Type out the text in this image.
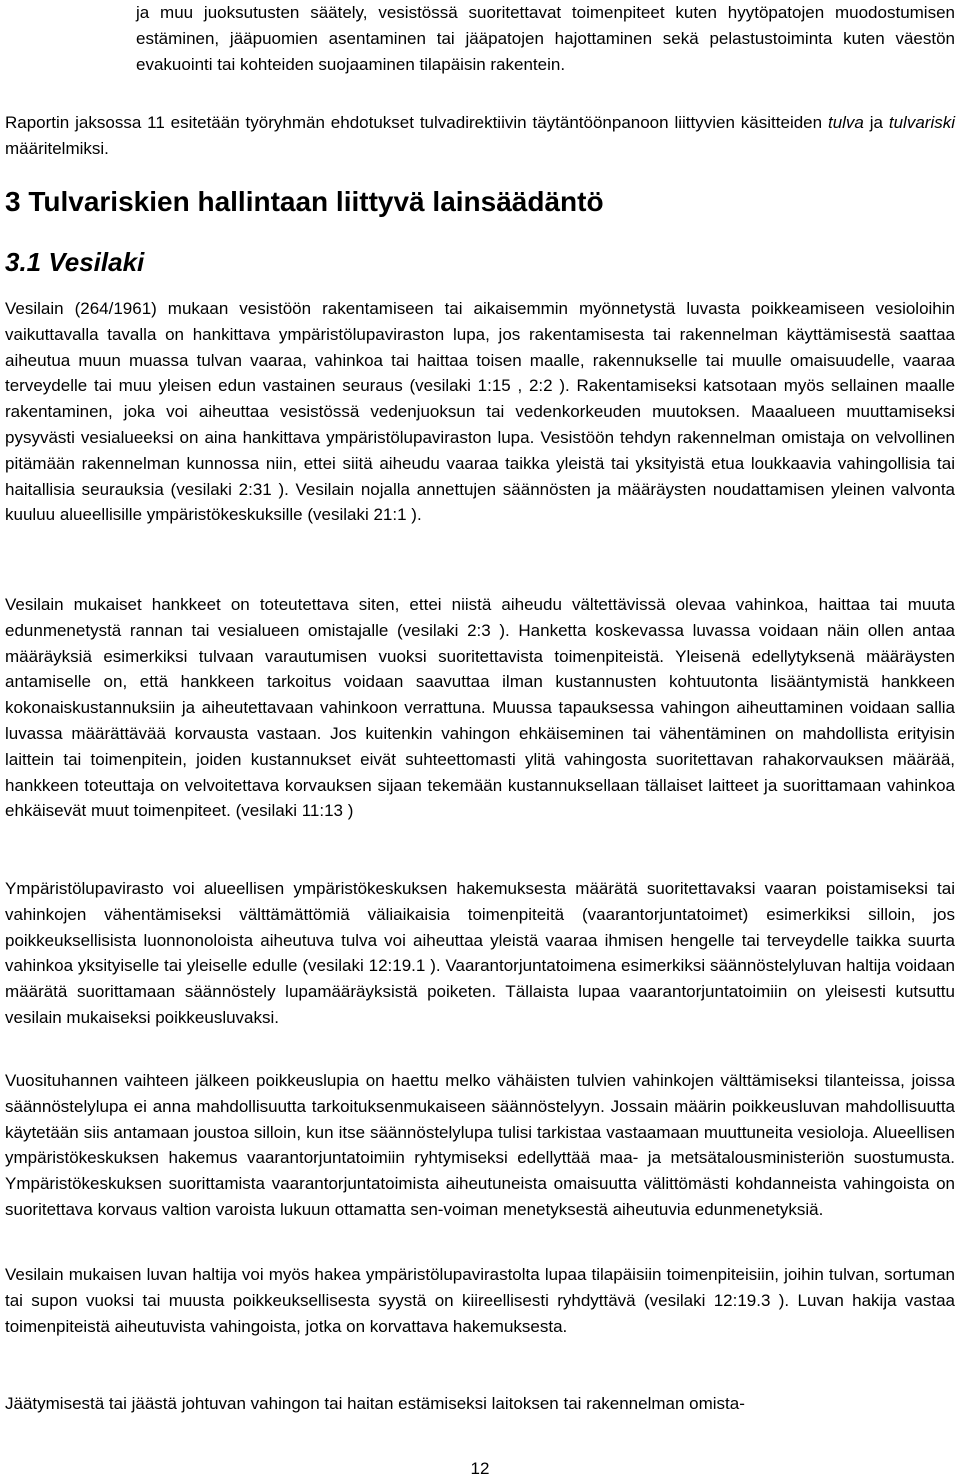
ja muu juoksutusten säätely, vesistössä suoritettavat toimenpiteet kuten hyytöpatojen muodostumisen estäminen, jääpuomien asentaminen tai jääpatojen hajottaminen sekä pelastustoiminta kuten väestön evakuointi tai kohteiden suojaaminen tilapäisin rakentein.

Raportin jaksossa 11 esitetään työryhmän ehdotukset tulvadirektiivin täytäntöönpanoon liittyvien käsitteiden tulva ja tulvariski määritelmiksi.

3 Tulvariskien hallintaan liittyvä lainsäädäntö
3.1 Vesilaki

Vesilain (264/1961) mukaan vesistöön rakentamiseen tai aikaisemmin myönnetystä luvasta poikkeamiseen vesioloihin vaikuttavalla tavalla on hankittava ympäristölupaviraston lupa, jos rakentamisesta tai rakennelman käyttämisestä saattaa aiheutua muun muassa tulvan vaaraa, vahinkoa tai haittaa toisen maalle, rakennukselle tai muulle omaisuudelle, vaaraa terveydelle tai muu yleisen edun vastainen seuraus (vesilaki 1:15 , 2:2 ). Rakentamiseksi katsotaan myös sellainen maalle rakentaminen, joka voi aiheuttaa vesistössä vedenjuoksun tai vedenkorkeuden muutoksen. Maaalueen muuttamiseksi pysyvästi vesialueeksi on aina hankittava ympäristölupaviraston lupa. Vesistöön tehdyn rakennelman omistaja on velvollinen pitämään rakennelman kunnossa niin, ettei siitä aiheudu vaaraa taikka yleistä tai yksityistä etua loukkaavia vahingollisia tai haitallisia seurauksia (vesilaki 2:31 ). Vesilain nojalla annettujen säännösten ja määräysten noudattamisen yleinen valvonta kuuluu alueellisille ympäristökeskuksille (vesilaki 21:1 ).

Vesilain mukaiset hankkeet on toteutettava siten, ettei niistä aiheudu vältettävissä olevaa vahinkoa, haittaa tai muuta edunmenetystä rannan tai vesialueen omistajalle (vesilaki 2:3 ). Hanketta koskevassa luvassa voidaan näin ollen antaa määräyksiä esimerkiksi tulvaan varautumisen vuoksi suoritettavista toimenpiteistä. Yleisenä edellytyksenä määräysten antamiselle on, että hankkeen tarkoitus voidaan saavuttaa ilman kustannusten kohtuutonta lisääntymistä hankkeen kokonaiskustannuksiin ja aiheutettavaan vahinkoon verrattuna. Muussa tapauksessa vahingon aiheuttaminen voidaan sallia luvassa määrättävää korvausta vastaan. Jos kuitenkin vahingon ehkäiseminen tai vähentäminen on mahdollista erityisin laittein tai toimenpitein, joiden kustannukset eivät suhteettomasti ylitä vahingosta suoritettavan rahakorvauksen määrää, hankkeen toteuttaja on velvoitettava korvauksen sijaan tekemään kustannuksellaan tällaiset laitteet ja suorittamaan vahinkoa ehkäisevät muut toimenpiteet. (vesilaki 11:13 )

Ympäristölupavirasto voi alueellisen ympäristökeskuksen hakemuksesta määrätä suoritettavaksi vaaran poistamiseksi tai vahinkojen vähentämiseksi välttämättömiä väliaikaisia toimenpiteitä (vaarantorjuntatoimet) esimerkiksi silloin, jos poikkeuksellisista luonnonoloista aiheutuva tulva voi aiheuttaa yleistä vaaraa ihmisen hengelle tai terveydelle taikka suurta vahinkoa yksityiselle tai yleiselle edulle (vesilaki 12:19.1 ). Vaarantorjuntatoimena esimerkiksi säännöstelyluvan haltija voidaan määrätä suorittamaan säännöstely lupamääräyksistä poiketen. Tällaista lupaa vaarantorjuntatoimiin on yleisesti kutsuttu vesilain mukaiseksi poikkeusluvaksi.

Vuosituhannen vaihteen jälkeen poikkeuslupia on haettu melko vähäisten tulvien vahinkojen välttämiseksi tilanteissa, joissa säännöstelylupa ei anna mahdollisuutta tarkoituksenmukaiseen säännöstelyyn. Jossain määrin poikkeusluvan mahdollisuutta käytetään siis antamaan joustoa silloin, kun itse säännöstelylupa tulisi tarkistaa vastaamaan muuttuneita vesioloja. Alueellisen ympäristökeskuksen hakemus vaarantorjuntatoimiin ryhtymiseksi edellyttää maa- ja metsätalousministeriön suostumusta. Ympäristökeskuksen suorittamista vaarantorjuntatoimista aiheutuneista omaisuutta välittömästi kohdanneista vahingoista on suoritettava korvaus valtion varoista lukuun ottamatta sen-voiman menetyksestä aiheutuvia edunmenetyksiä.

Vesilain mukaisen luvan haltija voi myös hakea ympäristölupavirastolta lupaa tilapäisiin toimenpiteisiin, joihin tulvan, sortuman tai supon vuoksi tai muusta poikkeuksellisesta syystä on kiireellisesti ryhdyttävä (vesilaki 12:19.3 ). Luvan hakija vastaa toimenpiteistä aiheutuvista vahingoista, jotka on korvattava hakemuksesta.

Jäätymisestä tai jäästä johtuvan vahingon tai haitan estämiseksi laitoksen tai rakennelman omista-

12
